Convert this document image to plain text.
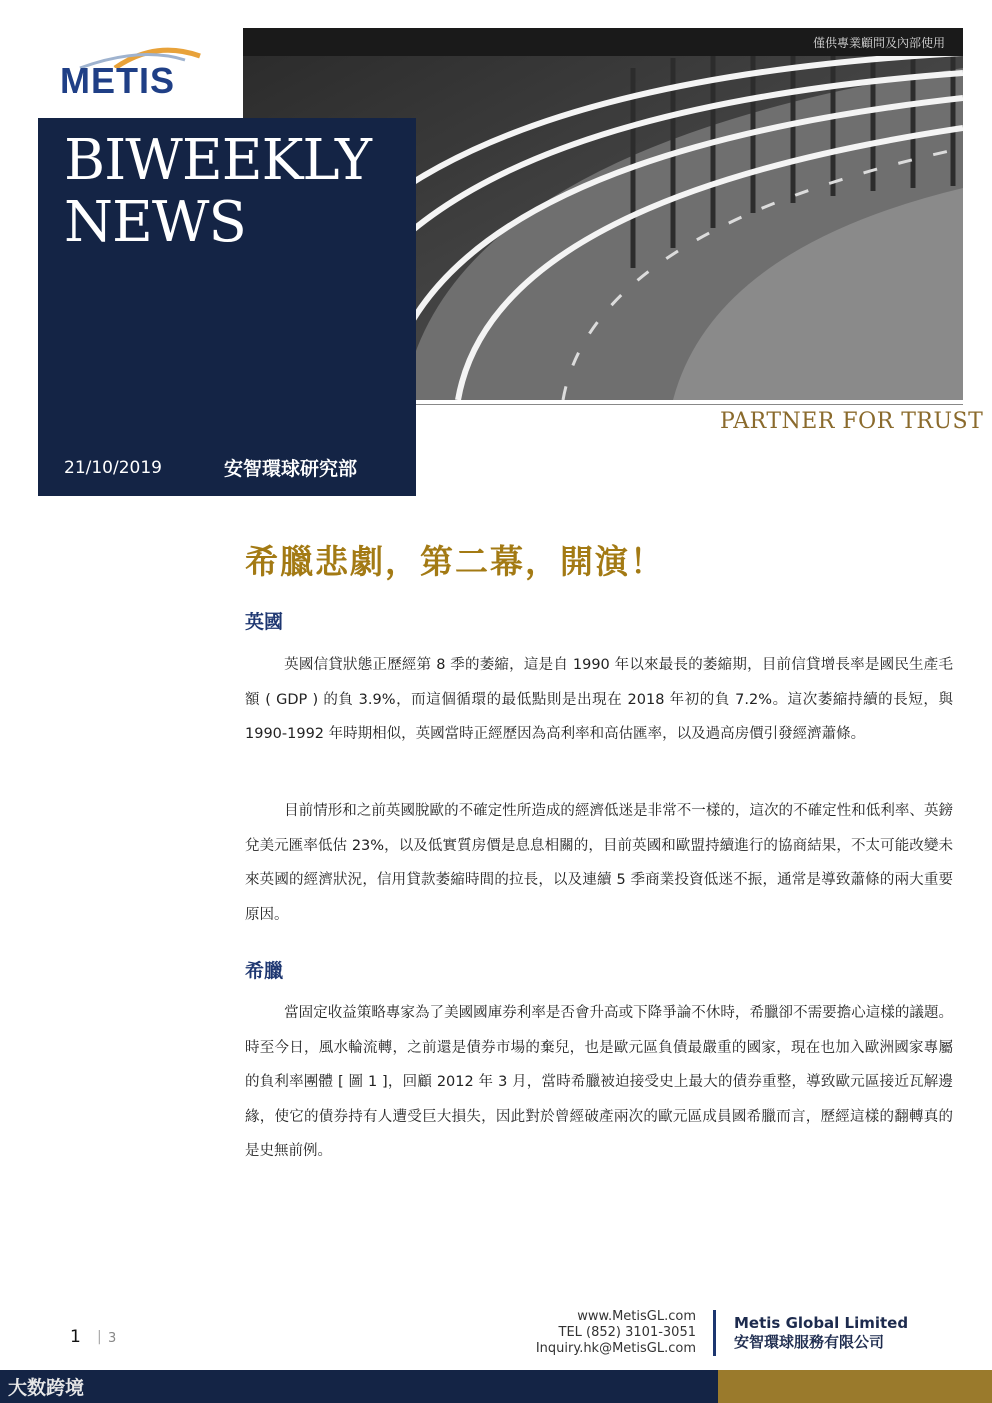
METIS
僅供專業顧問及內部使用
BIWEEKLY
NEWS
21/10/2019	安智環球研究部
PARTNER FOR TRUST
希臘悲劇，第二幕，開演！
英國

英國信貸狀態正歷經第 8 季的萎縮，這是自 1990 年以來最長的萎縮期，目前信貸增長率是國民生產毛額 ( GDP ) 的負 3.9%，而這個循環的最低點則是出現在 2018 年初的負 7.2%。這次萎縮持續的長短，與 1990-1992 年時期相似，英國當時正經歷因為高利率和高估匯率，以及過高房價引發經濟蕭條。

目前情形和之前英國脫歐的不確定性所造成的經濟低迷是非常不一樣的，這次的不確定性和低利率、英鎊兌美元匯率低估 23%，以及低實質房價是息息相關的，目前英國和歐盟持續進行的協商結果，不太可能改變未來英國的經濟狀況，信用貸款萎縮時間的拉長，以及連續 5 季商業投資低迷不振，通常是導致蕭條的兩大重要原因。

希臘

當固定收益策略專家為了美國國庫券利率是否會升高或下降爭論不休時，希臘卻不需要擔心這樣的議題。時至今日，風水輪流轉，之前還是債券市場的棄兒，也是歐元區負債最嚴重的國家，現在也加入歐洲國家專屬的負利率團體 [ 圖 1 ]，回顧 2012 年 3 月，當時希臘被迫接受史上最大的債券重整，導致歐元區接近瓦解邊緣，使它的債券持有人遭受巨大損失，因此對於曾經破產兩次的歐元區成員國希臘而言，歷經這樣的翻轉真的是史無前例。

1 | 3
www.MetisGL.com
TEL (852) 3101-3051
Inquiry.hk@MetisGL.com
Metis Global Limited
安智環球服務有限公司
大数跨境
